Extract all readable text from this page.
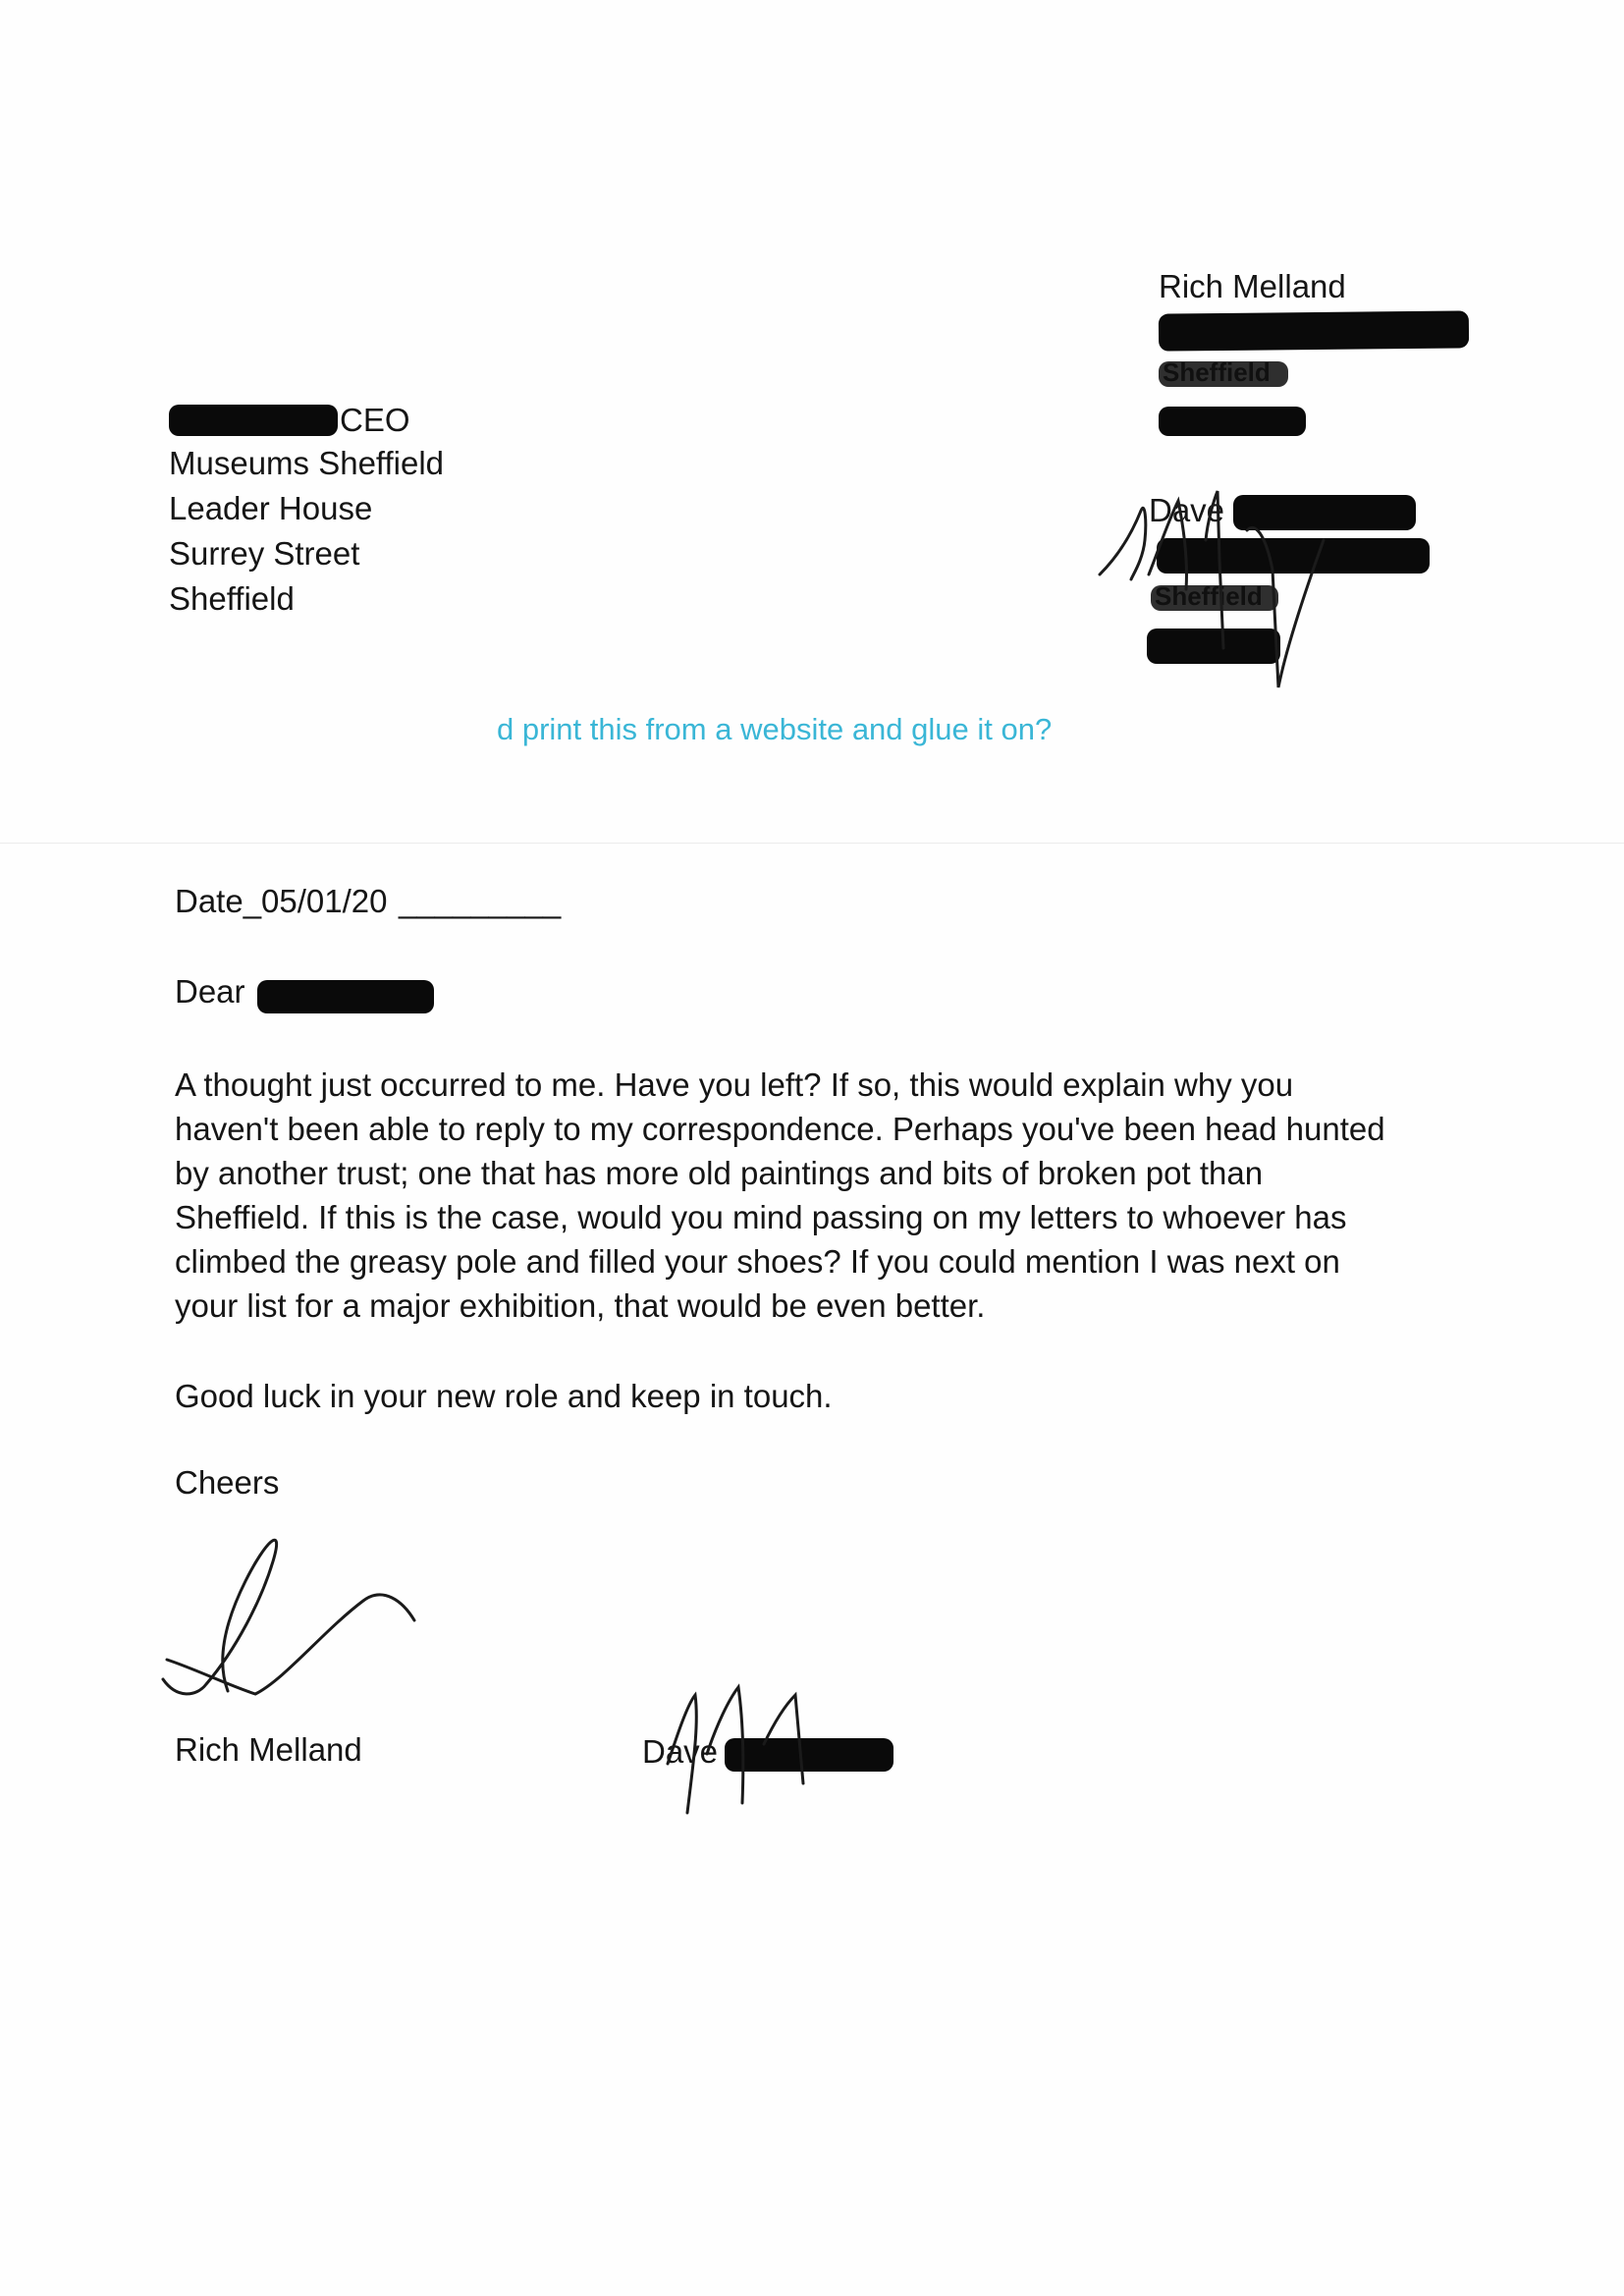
Rich Melland
Dave
CEO
Museums Sheffield
Leader House
Surrey Street
Sheffield
d print this from a website and glue it on?
Date_05/01/20 _________
Dear
A thought just occurred to me. Have you left? If so, this would explain why you
haven't been able to reply to my correspondence. Perhaps you've been head hunted
by another trust; one that has more old paintings and bits of broken pot than
Sheffield. If this is the case, would you mind passing on my letters to whoever has
climbed the greasy pole and filled your shoes? If you could mention I was next on
your list for a major exhibition, that would be even better.
Good luck in your new role and keep in touch.
Cheers
Rich Melland	Dave
